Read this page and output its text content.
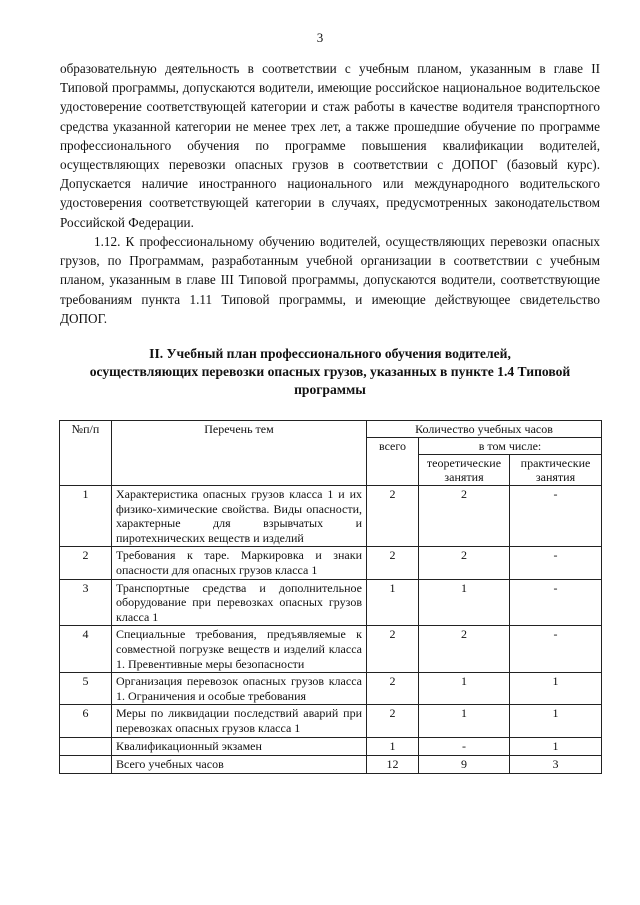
3

образовательную деятельность в соответствии с учебным планом, указанным в главе II Типовой программы, допускаются водители, имеющие российское национальное водительское удостоверение соответствующей категории и стаж работы в качестве водителя транспортного средства указанной категории не менее трех лет, а также прошедшие обучение по программе профессионального обучения по программе повышения квалификации водителей, осуществляющих перевозки опасных грузов в соответствии с ДОПОГ (базовый курс). Допускается наличие иностранного национального или международного водительского удостоверения соответствующей категории в случаях, предусмотренных законодательством Российской Федерации.

1.12. К профессиональному обучению водителей, осуществляющих перевозки опасных грузов, по Программам, разработанным учебной организации в соответствии с учебным планом, указанным в главе III Типовой программы, допускаются водители, соответствующие требованиям пункта 1.11 Типовой программы, и имеющие действующее свидетельство ДОПОГ.

II. Учебный план профессионального обучения водителей,
осуществляющих перевозки опасных грузов, указанных в пункте 1.4 Типовой
программы
№п/п	Перечень тем	Количество учебных часов		
		всего	в том числе:	
			теоретические занятия	практические занятия
1	Характеристика опасных грузов класса 1 и их физико-химические свойства. Виды опасности, характерные для взрывчатых и пиротехнических веществ и изделий	2	2	-
2	Требования к таре. Маркировка и знаки опасности для опасных грузов класса 1	2	2	-
3	Транспортные средства и дополнительное оборудование при перевозках опасных грузов класса 1	1	1	-
4	Специальные требования, предъявляемые к совместной погрузке веществ и изделий класса 1. Превентивные меры безопасности	2	2	-
5	Организация перевозок опасных грузов класса 1. Ограничения и особые требования	2	1	1
6	Меры по ликвидации последствий аварий при перевозках опасных грузов класса 1	2	1	1
	Квалификационный экзамен	1	-	1
	Всего учебных часов	12	9	3
